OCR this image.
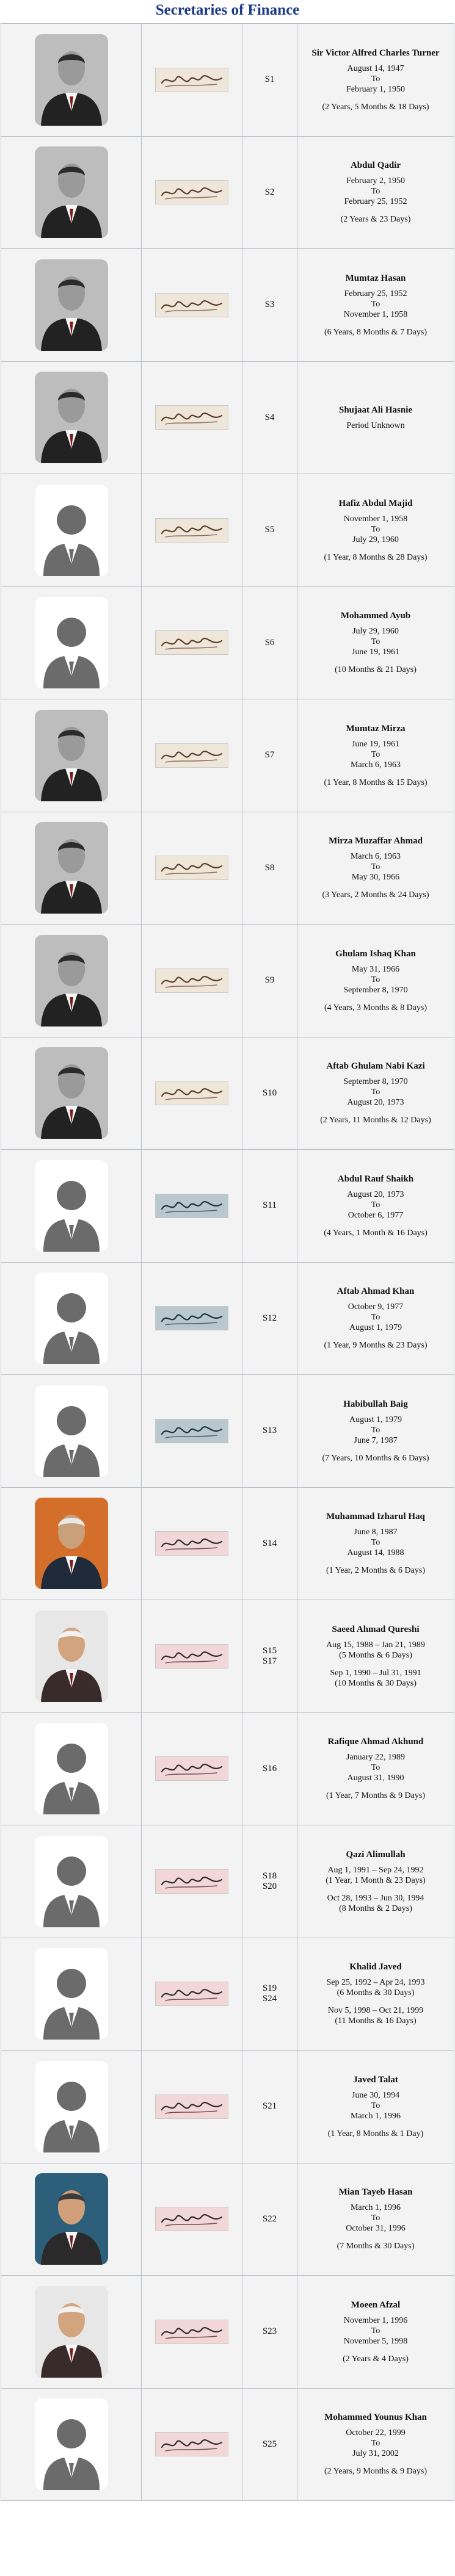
Secretaries of Finance
S1
Sir Victor Alfred Charles Turner
August 14, 1947
To
February 1, 1950
(2 Years, 5 Months & 18 Days)
S2
Abdul Qadir
February 2, 1950
To
February 25, 1952
(2 Years & 23 Days)
S3
Mumtaz Hasan
February 25, 1952
To
November 1, 1958
(6 Years, 8 Months & 7 Days)
S4
Shujaat Ali Hasnie
Period Unknown
S5
Hafiz Abdul Majid
November 1, 1958
To
July 29, 1960
(1 Year, 8 Months & 28 Days)
S6
Mohammed Ayub
July 29, 1960
To
June 19, 1961
(10 Months & 21 Days)
S7
Mumtaz Mirza
June 19, 1961
To
March 6, 1963
(1 Year, 8 Months & 15 Days)
S8
Mirza Muzaffar Ahmad
March 6, 1963
To
May 30, 1966
(3 Years, 2 Months & 24 Days)
S9
Ghulam Ishaq Khan
May 31, 1966
To
September 8, 1970
(4 Years, 3 Months & 8 Days)
S10
Aftab Ghulam Nabi Kazi
September 8, 1970
To
August 20, 1973
(2 Years, 11 Months & 12 Days)
S11
Abdul Rauf Shaikh
August 20, 1973
To
October 6, 1977
(4 Years, 1 Month & 16 Days)
S12
Aftab Ahmad Khan
October 9, 1977
To
August 1, 1979
(1 Year, 9 Months & 23 Days)
S13
Habibullah Baig
August 1, 1979
To
June 7, 1987
(7 Years, 10 Months & 6 Days)
S14
Muhammad Izharul Haq
June 8, 1987
To
August 14, 1988
(1 Year, 2 Months & 6 Days)
S15
S17
Saeed Ahmad Qureshi
Aug 15, 1988 – Jan 21, 1989
(5 Months & 6 Days)
Sep 1, 1990 – Jul 31, 1991
(10 Months & 30 Days)
S16
Rafique Ahmad Akhund
January 22, 1989
To
August 31, 1990
(1 Year, 7 Months & 9 Days)
S18
S20
Qazi Alimullah
Aug 1, 1991 – Sep 24, 1992
(1 Year, 1 Month & 23 Days)
Oct 28, 1993 – Jun 30, 1994
(8 Months & 2 Days)
S19
S24
Khalid Javed
Sep 25, 1992 – Apr 24, 1993
(6 Months & 30 Days)
Nov 5, 1998 – Oct 21, 1999
(11 Months & 16 Days)
S21
Javed Talat
June 30, 1994
To
March 1, 1996
(1 Year, 8 Months & 1 Day)
S22
Mian Tayeb Hasan
March 1, 1996
To
October 31, 1996
(7 Months & 30 Days)
S23
Moeen Afzal
November 1, 1996
To
November 5, 1998
(2 Years & 4 Days)
S25
Mohammed Younus Khan
October 22, 1999
To
July 31, 2002
(2 Years, 9 Months & 9 Days)
